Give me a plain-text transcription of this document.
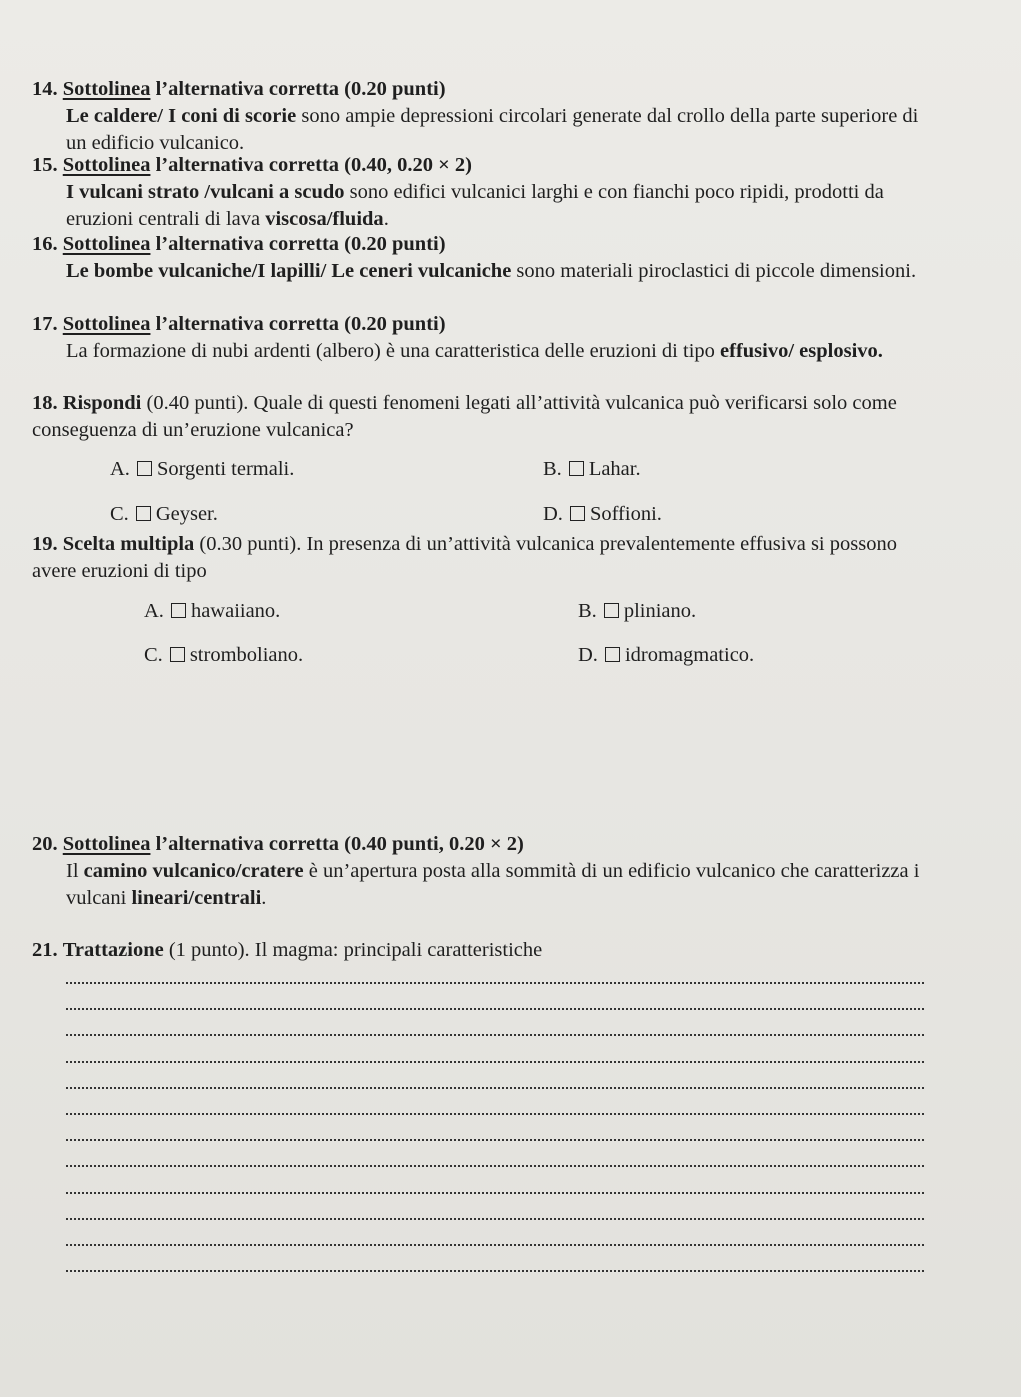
14. Sottolinea l’alternativa corretta (0.20 punti)

Le caldere/ I coni di scorie sono ampie depressioni circolari generate dal crollo della parte superiore di un edificio vulcanico.

15. Sottolinea l’alternativa corretta (0.40, 0.20 × 2)

I vulcani strato /vulcani a scudo sono edifici vulcanici larghi e con fianchi poco ripidi, prodotti da eruzioni centrali di lava viscosa/fluida.

16. Sottolinea l’alternativa corretta (0.20 punti)

Le bombe vulcaniche/I lapilli/ Le ceneri vulcaniche sono materiali piroclastici di piccole dimensioni.

17. Sottolinea l’alternativa corretta (0.20 punti)

La formazione di nubi ardenti (albero) è una caratteristica delle eruzioni di tipo effusivo/ esplosivo.

18. Rispondi (0.40 punti). Quale di questi fenomeni legati all’attività vulcanica può verificarsi solo come conseguenza di un’eruzione vulcanica?

A. Sorgenti termali.	B. Lahar.
C. Geyser.	D. Soffioni.

19. Scelta multipla (0.30 punti). In presenza di un’attività vulcanica prevalentemente effusiva si possono avere eruzioni di tipo

A. hawaiiano.	B. pliniano.
C. stromboliano.	D. idromagmatico.

20. Sottolinea l’alternativa corretta (0.40 punti, 0.20 × 2)

Il camino vulcanico/cratere è un’apertura posta alla sommità di un edificio vulcanico che caratterizza i vulcani lineari/centrali.

21. Trattazione (1 punto). Il magma: principali caratteristiche
